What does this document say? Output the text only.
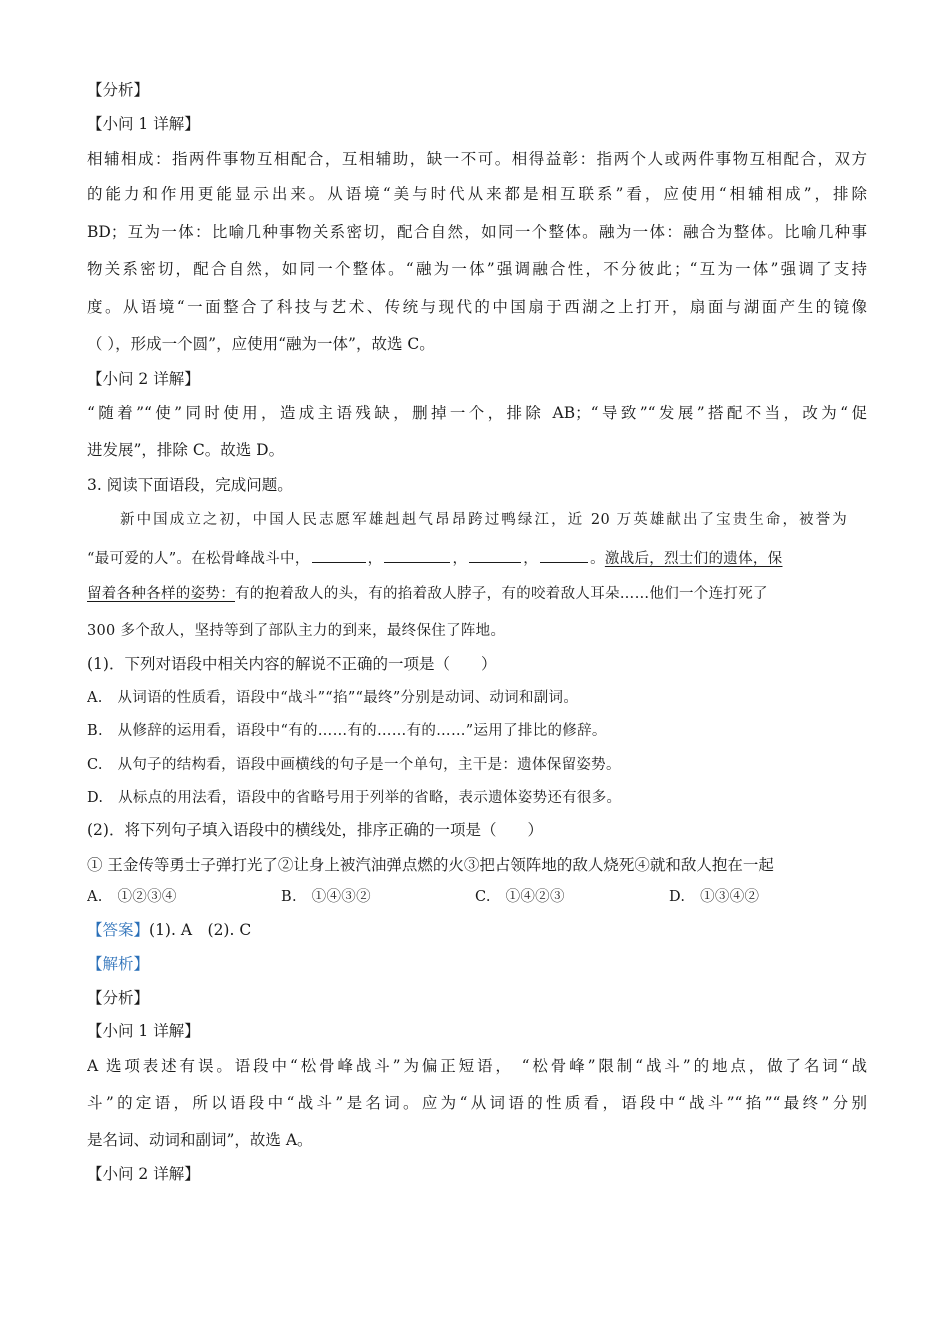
【分析】
【小问 1 详解】
相辅相成：指两件事物互相配合，互相辅助，缺一不可。相得益彰：指两个人或两件事物互相配合，双方
的能力和作用更能显示出来。从语境“美与时代从来都是相互联系”看，应使用“相辅相成”，排除
BD；互为一体：比喻几种事物关系密切，配合自然，如同一个整体。融为一体：融合为整体。比喻几种事
物关系密切，配合自然，如同一个整体。“融为一体”强调融合性，不分彼此；“互为一体”强调了支持
度。从语境“一面整合了科技与艺术、传统与现代的中国扇于西湖之上打开，扇面与湖面产生的镜像
（ ），形成一个圆”，应使用“融为一体”，故选 C。
【小问 2 详解】
“随着”“使”同时使用，造成主语残缺，删掉一个，排除 AB；“导致”“发展”搭配不当，改为“促
进发展”，排除 C。故选 D。
3. 阅读下面语段，完成问题。
新中国成立之初，中国人民志愿军雄赳赳气昂昂跨过鸭绿江，近 20 万英雄献出了宝贵生命，被誉为
“最可爱的人”。在松骨峰战斗中，	，	，	，	。激战后，烈士们的遗体，保
留着各种各样的姿势：有的抱着敌人的头，有的掐着敌人脖子，有的咬着敌人耳朵……他们一个连打死了
300 多个敌人，坚持等到了部队主力的到来，最终保住了阵地。
(1)．下列对语段中相关内容的解说不正确的一项是（　　）
A.　从词语的性质看，语段中“战斗”“掐”“最终”分别是动词、动词和副词。
B.　从修辞的运用看，语段中“有的……有的……有的……”运用了排比的修辞。
C.　从句子的结构看，语段中画横线的句子是一个单句，主干是：遗体保留姿势。
D.　从标点的用法看，语段中的省略号用于列举的省略，表示遗体姿势还有很多。
(2)．将下列句子填入语段中的横线处，排序正确的一项是（　　）
① 王金传等勇士子弹打光了②让身上被汽油弹点燃的火③把占领阵地的敌人烧死④就和敌人抱在一起
A.　①②③④	B.　①④③②	C.　①④②③	D.　①③④②
【答案】(1). A　(2). C
【解析】
【分析】
【小问 1 详解】
A 选项表述有误。语段中“松骨峰战斗”为偏正短语， “松骨峰”限制“战斗”的地点，做了名词“战
斗”的定语，所以语段中“战斗”是名词。应为“从词语的性质看，语段中“战斗”“掐”“最终”分别
是名词、动词和副词”，故选 A。
【小问 2 详解】
